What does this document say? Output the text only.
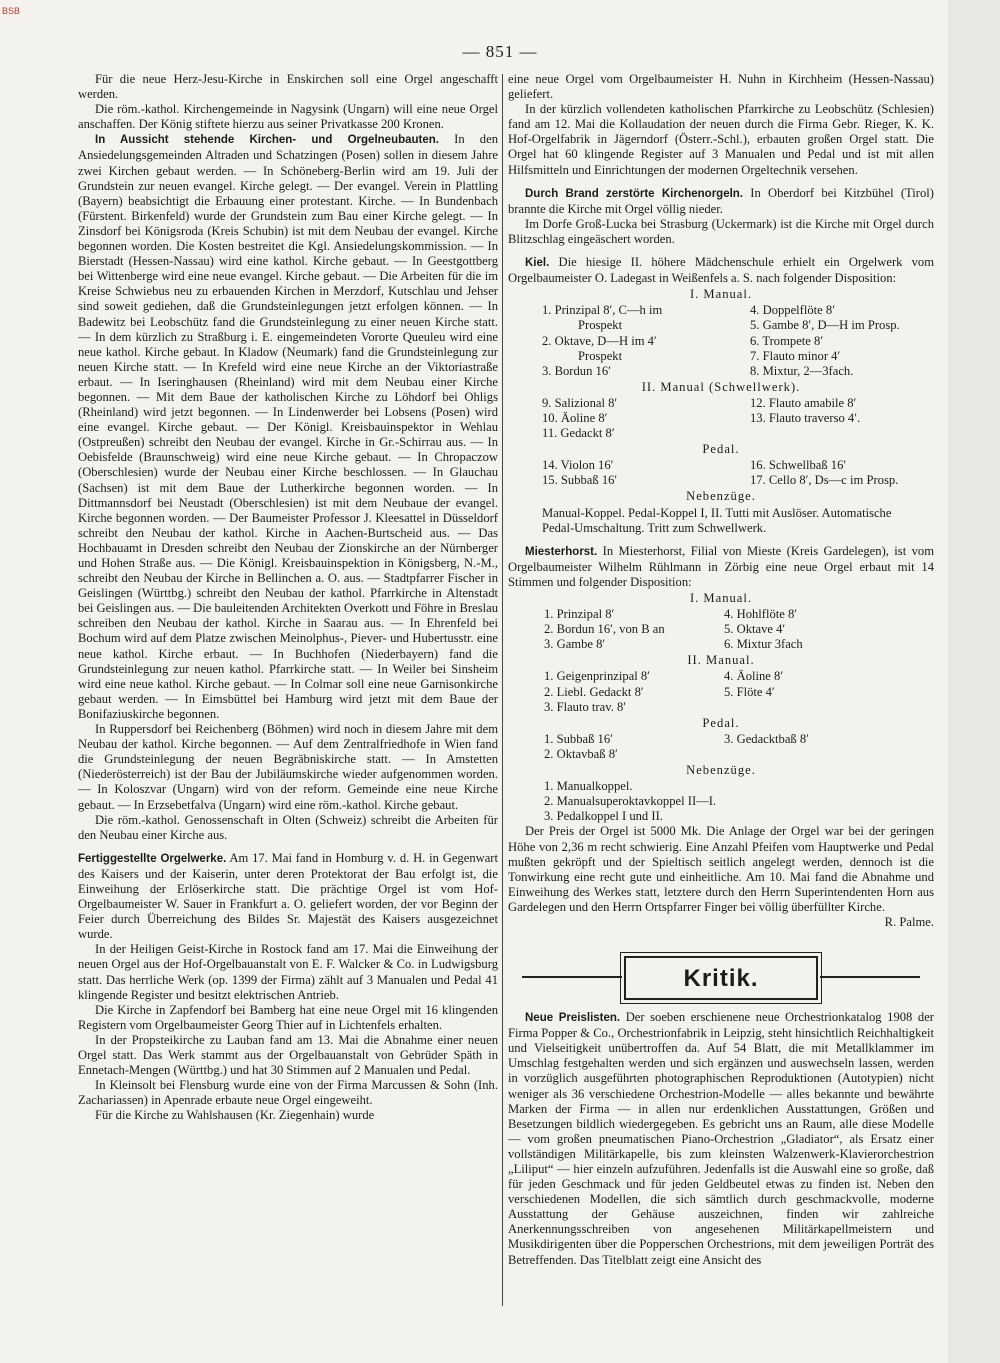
BSB
— 851 —

Für die neue Herz-Jesu-Kirche in Enskirchen soll eine Orgel angeschafft werden.

Die röm.-kathol. Kirchengemeinde in Nagysink (Ungarn) will eine neue Orgel anschaffen. Der König stiftete hierzu aus seiner Privatkasse 200 Kronen.

In Aussicht stehende Kirchen- und Orgelneubauten. In den Ansiedelungsgemeinden Altraden und Schatzingen (Posen) sollen in diesem Jahre zwei Kirchen gebaut werden. — In Schöneberg-Berlin wird am 19. Juli der Grundstein zur neuen evangel. Kirche gelegt. — Der evangel. Verein in Plattling (Bayern) beabsichtigt die Erbauung einer protestant. Kirche. — In Bundenbach (Fürstent. Birkenfeld) wurde der Grundstein zum Bau einer Kirche gelegt. — In Zinsdorf bei Königsroda (Kreis Schubin) ist mit dem Neubau der evangel. Kirche begonnen worden. Die Kosten bestreitet die Kgl. Ansiedelungskommission. — In Bierstadt (Hessen-Nassau) wird eine kathol. Kirche gebaut. — In Geestgottberg bei Wittenberge wird eine neue evangel. Kirche gebaut. — Die Arbeiten für die im Kreise Schwiebus neu zu erbauenden Kirchen in Merzdorf, Kutschlau und Jehser sind soweit gediehen, daß die Grundsteinlegungen jetzt erfolgen können. — In Badewitz bei Leobschütz fand die Grundsteinlegung zu einer neuen Kirche statt. — In dem kürzlich zu Straßburg i. E. eingemeindeten Vororte Queuleu wird eine neue kathol. Kirche gebaut. In Kladow (Neumark) fand die Grundsteinlegung zur neuen Kirche statt. — In Krefeld wird eine neue Kirche an der Viktoriastraße erbaut. — In Iseringhausen (Rheinland) wird mit dem Neubau einer Kirche begonnen. — Mit dem Baue der katholischen Kirche zu Löhdorf bei Ohligs (Rheinland) wird jetzt begonnen. — In Lindenwerder bei Lobsens (Posen) wird eine evangel. Kirche gebaut. — Der Königl. Kreisbauinspektor in Wehlau (Ostpreußen) schreibt den Neubau der evangel. Kirche in Gr.-Schirrau aus. — In Oebisfelde (Braunschweig) wird eine neue Kirche gebaut. — In Chropaczow (Oberschlesien) wurde der Neubau einer Kirche beschlossen. — In Glauchau (Sachsen) ist mit dem Baue der Lutherkirche begonnen worden. — In Dittmannsdorf bei Neustadt (Oberschlesien) ist mit dem Neubaue der evangel. Kirche begonnen worden. — Der Baumeister Professor J. Kleesattel in Düsseldorf schreibt den Neubau der kathol. Kirche in Aachen-Burtscheid aus. — Das Hochbauamt in Dresden schreibt den Neubau der Zionskirche an der Nürnberger und Hohen Straße aus. — Die Königl. Kreisbauinspektion in Königsberg, N.-M., schreibt den Neubau der Kirche in Bellinchen a. O. aus. — Stadtpfarrer Fischer in Geislingen (Württbg.) schreibt den Neubau der kathol. Pfarrkirche in Altenstadt bei Geislingen aus. — Die bauleitenden Architekten Overkott und Föhre in Breslau schreiben den Neubau der kathol. Kirche in Saarau aus. — In Ehrenfeld bei Bochum wird auf dem Platze zwischen Meinolphus-, Piever- und Hubertusstr. eine neue kathol. Kirche erbaut. — In Buchhofen (Niederbayern) fand die Grundsteinlegung zur neuen kathol. Pfarrkirche statt. — In Weiler bei Sinsheim wird eine neue kathol. Kirche gebaut. — In Colmar soll eine neue Garnisonkirche gebaut werden. — In Eimsbüttel bei Hamburg wird jetzt mit dem Baue der Bonifaziuskirche begonnen.

In Ruppersdorf bei Reichenberg (Böhmen) wird noch in diesem Jahre mit dem Neubau der kathol. Kirche begonnen. — Auf dem Zentralfriedhofe in Wien fand die Grundsteinlegung der neuen Begräbniskirche statt. — In Amstetten (Niederösterreich) ist der Bau der Jubiläumskirche wieder aufgenommen worden. — In Koloszvar (Ungarn) wird von der reform. Gemeinde eine neue Kirche gebaut. — In Erzsebetfalva (Ungarn) wird eine röm.-kathol. Kirche gebaut.

Die röm.-kathol. Genossenschaft in Olten (Schweiz) schreibt die Arbeiten für den Neubau einer Kirche aus.

Fertiggestellte Orgelwerke. Am 17. Mai fand in Homburg v. d. H. in Gegenwart des Kaisers und der Kaiserin, unter deren Protektorat der Bau erfolgt ist, die Einweihung der Erlöserkirche statt. Die prächtige Orgel ist vom Hof-Orgelbaumeister W. Sauer in Frankfurt a. O. geliefert worden, der vor Beginn der Feier durch Überreichung des Bildes Sr. Majestät des Kaisers ausgezeichnet wurde.

In der Heiligen Geist-Kirche in Rostock fand am 17. Mai die Einweihung der neuen Orgel aus der Hof-Orgelbauanstalt von E. F. Walcker & Co. in Ludwigsburg statt. Das herrliche Werk (op. 1399 der Firma) zählt auf 3 Manualen und Pedal 41 klingende Register und besitzt elektrischen Antrieb.

Die Kirche in Zapfendorf bei Bamberg hat eine neue Orgel mit 16 klingenden Registern vom Orgelbaumeister Georg Thier auf in Lichtenfels erhalten.

In der Propsteikirche zu Lauban fand am 13. Mai die Abnahme einer neuen Orgel statt. Das Werk stammt aus der Orgelbauanstalt von Gebrüder Späth in Ennetach-Mengen (Württbg.) und hat 30 Stimmen auf 2 Manualen und Pedal.

In Kleinsolt bei Flensburg wurde eine von der Firma Marcussen & Sohn (Inh. Zachariassen) in Apenrade erbaute neue Orgel eingeweiht.

Für die Kirche zu Wahlshausen (Kr. Ziegenhain) wurde

eine neue Orgel vom Orgelbaumeister H. Nuhn in Kirchheim (Hessen-Nassau) geliefert.

In der kürzlich vollendeten katholischen Pfarrkirche zu Leobschütz (Schlesien) fand am 12. Mai die Kollaudation der neuen durch die Firma Gebr. Rieger, K. K. Hof-Orgelfabrik in Jägerndorf (Österr.-Schl.), erbauten großen Orgel statt. Die Orgel hat 60 klingende Register auf 3 Manualen und Pedal und ist mit allen Hilfsmitteln und Einrichtungen der modernen Orgeltechnik versehen.

Durch Brand zerstörte Kirchenorgeln. In Oberdorf bei Kitzbühel (Tirol) brannte die Kirche mit Orgel völlig nieder.

Im Dorfe Groß-Lucka bei Strasburg (Uckermark) ist die Kirche mit Orgel durch Blitzschlag eingeäschert worden.

Kiel. Die hiesige II. höhere Mädchenschule erhielt ein Orgelwerk vom Orgelbaumeister O. Ladegast in Weißenfels a. S. nach folgender Disposition:

I. Manual.
1. Prinzipal 8′, C—h im	4. Doppelflöte 8′
Prospekt	5. Gambe 8′, D—H im Prosp.
2. Oktave, D—H im 4′	6. Trompete 8′
Prospekt	7. Flauto minor 4′
3. Bordun 16′	8. Mixtur, 2—3fach.
II. Manual (Schwellwerk).
9. Salizional 8′	12. Flauto amabile 8′
10. Äoline 8′	13. Flauto traverso 4′.
11. Gedackt 8′
Pedal.
14. Violon 16′	16. Schwellbaß 16′
15. Subbaß 16′	17. Cello 8′, Ds—c im Prosp.
Nebenzüge.

Manual-Koppel. Pedal-Koppel I, II. Tutti mit Auslöser. Automatische Pedal-Umschaltung. Tritt zum Schwellwerk.

Miesterhorst. In Miesterhorst, Filial von Mieste (Kreis Gardelegen), ist vom Orgelbaumeister Wilhelm Rühlmann in Zörbig eine neue Orgel erbaut mit 14 Stimmen und folgender Disposition:

I. Manual.
1. Prinzipal 8′	4. Hohlflöte 8′
2. Bordun 16′, von B an	5. Oktave 4′
3. Gambe 8′	6. Mixtur 3fach
II. Manual.
1. Geigenprinzipal 8′	4. Äoline 8′
2. Liebl. Gedackt 8′	5. Flöte 4′
3. Flauto trav. 8′
Pedal.
1. Subbaß 16′	3. Gedacktbaß 8′
2. Oktavbaß 8′
Nebenzüge.
1. Manualkoppel.
2. Manualsuperoktavkoppel II—I.
3. Pedalkoppel I und II.

Der Preis der Orgel ist 5000 Mk. Die Anlage der Orgel war bei der geringen Höhe von 2,36 m recht schwierig. Eine Anzahl Pfeifen vom Hauptwerke und Pedal mußten gekröpft und der Spieltisch seitlich angelegt werden, dennoch ist die Tonwirkung eine recht gute und einheitliche. Am 10. Mai fand die Abnahme und Einweihung des Werkes statt, letztere durch den Herrn Superintendenten Horn aus Gardelegen und den Herrn Ortspfarrer Finger bei völlig überfüllter Kirche.

R. Palme.
Kritik.

Neue Preislisten. Der soeben erschienene neue Orchestrionkatalog 1908 der Firma Popper & Co., Orchestrionfabrik in Leipzig, steht hinsichtlich Reichhaltigkeit und Vielseitigkeit unübertroffen da. Auf 54 Blatt, die mit Metallklammer im Umschlag festgehalten werden und sich ergänzen und auswechseln lassen, werden in vorzüglich ausgeführten photographischen Reproduktionen (Autotypien) nicht weniger als 36 verschiedene Orchestrion-Modelle — alles bekannte und bewährte Marken der Firma — in allen nur erdenklichen Ausstattungen, Größen und Besetzungen bildlich wiedergegeben. Es gebricht uns an Raum, alle diese Modelle — vom großen pneumatischen Piano-Orchestrion „Gladiator“, als Ersatz einer vollständigen Militärkapelle, bis zum kleinsten Walzenwerk-Klavierorchestrion „Liliput“ — hier einzeln aufzuführen. Jedenfalls ist die Auswahl eine so große, daß für jeden Geschmack und für jeden Geldbeutel etwas zu finden ist. Neben den verschiedenen Modellen, die sich sämtlich durch geschmackvolle, moderne Ausstattung der Gehäuse auszeichnen, finden wir zahlreiche Anerkennungsschreiben von angesehenen Militärkapellmeistern und Musikdirigenten über die Popperschen Orchestrions, mit dem jeweiligen Porträt des Betreffenden. Das Titelblatt zeigt eine Ansicht des
